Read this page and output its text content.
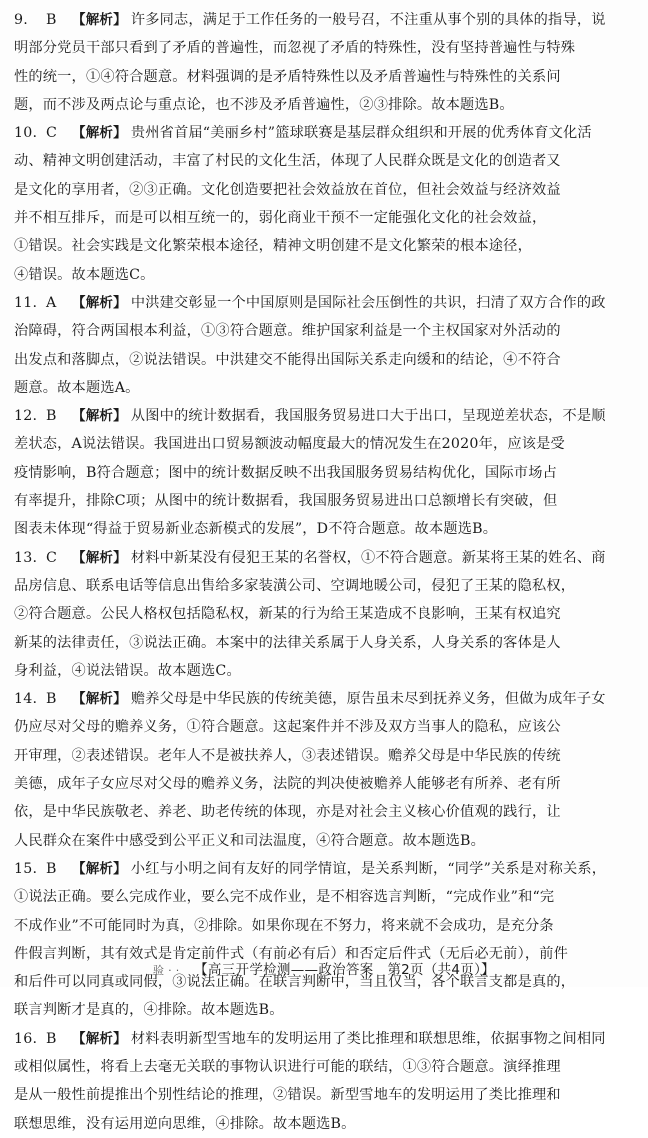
9. B 【解析】 许多同志，满足于工作任务的一般号召，不注重从事个别的具体的指导，说
明部分党员干部只看到了矛盾的普遍性，而忽视了矛盾的特殊性，没有坚持普遍性与特殊
性的统一，①④符合题意。材料强调的是矛盾特殊性以及矛盾普遍性与特殊性的关系问
题，而不涉及两点论与重点论，也不涉及矛盾普遍性，②③排除。故本题选B。
10. C 【解析】 贵州省首届“美丽乡村”篮球联赛是基层群众组织和开展的优秀体育文化活
动、精神文明创建活动，丰富了村民的文化生活，体现了人民群众既是文化的创造者又
是文化的享用者，②③正确。文化创造要把社会效益放在首位，但社会效益与经济效益
并不相互排斥，而是可以相互统一的，弱化商业干预不一定能强化文化的社会效益，
①错误。社会实践是文化繁荣根本途径，精神文明创建不是文化繁荣的根本途径，
④错误。故本题选C。
11. A 【解析】 中洪建交彰显一个中国原则是国际社会压倒性的共识，扫清了双方合作的政
治障碍，符合两国根本利益，①③符合题意。维护国家利益是一个主权国家对外活动的
出发点和落脚点，②说法错误。中洪建交不能得出国际关系走向缓和的结论，④不符合
题意。故本题选A。
12. B 【解析】 从图中的统计数据看，我国服务贸易进口大于出口，呈现逆差状态，不是顺
差状态，A说法错误。我国进出口贸易额波动幅度最大的情况发生在2020年，应该是受
疫情影响，B符合题意；图中的统计数据反映不出我国服务贸易结构优化，国际市场占
有率提升，排除C项；从图中的统计数据看，我国服务贸易进出口总额增长有突破，但
图表未体现“得益于贸易新业态新模式的发展”，D不符合题意。故本题选B。
13. C 【解析】 材料中新某没有侵犯王某的名誉权，①不符合题意。新某将王某的姓名、商
品房信息、联系电话等信息出售给多家装潢公司、空调地暖公司，侵犯了王某的隐私权，
②符合题意。公民人格权包括隐私权，新某的行为给王某造成不良影响，王某有权追究
新某的法律责任，③说法正确。本案中的法律关系属于人身关系，人身关系的客体是人
身利益，④说法错误。故本题选C。
14. B 【解析】 赡养父母是中华民族的传统美德，原告虽未尽到抚养义务，但做为成年子女
仍应尽对父母的赡养义务，①符合题意。这起案件并不涉及双方当事人的隐私，应该公
开审理，②表述错误。老年人不是被扶养人，③表述错误。赡养父母是中华民族的传统
美德，成年子女应尽对父母的赡养义务，法院的判决使被赡养人能够老有所养、老有所
依，是中华民族敬老、养老、助老传统的体现，亦是对社会主义核心价值观的践行，让
人民群众在案件中感受到公平正义和司法温度，④符合题意。故本题选B。
15. B 【解析】 小红与小明之间有友好的同学情谊，是关系判断，“同学”关系是对称关系，
①说法正确。要么完成作业，要么完不成作业，是不相容选言判断，“完成作业”和“完
不成作业”不可能同时为真，②排除。如果你现在不努力，将来就不会成功，是充分条
件假言判断，其有效式是肯定前件式（有前必有后）和否定后件式（无后必无前），前件
和后件可以同真或同假，③说法正确。在联言判断中，当且仅当，各个联言支都是真的，
联言判断才是真的，④排除。故本题选B。
16. B 【解析】 材料表明新型雪地车的发明运用了类比推理和联想思维，依据事物之间相同
或相似属性，将看上去毫无关联的事物认识进行可能的联结，①③符合题意。演绎推理
是从一般性前提推出个别性结论的推理，②错误。新型雪地车的发明运用了类比推理和
联想思维，没有运用逆向思维，④排除。故本题选B。
验 · · 【高三开学检测——政治答案　第2页（共4页）】
